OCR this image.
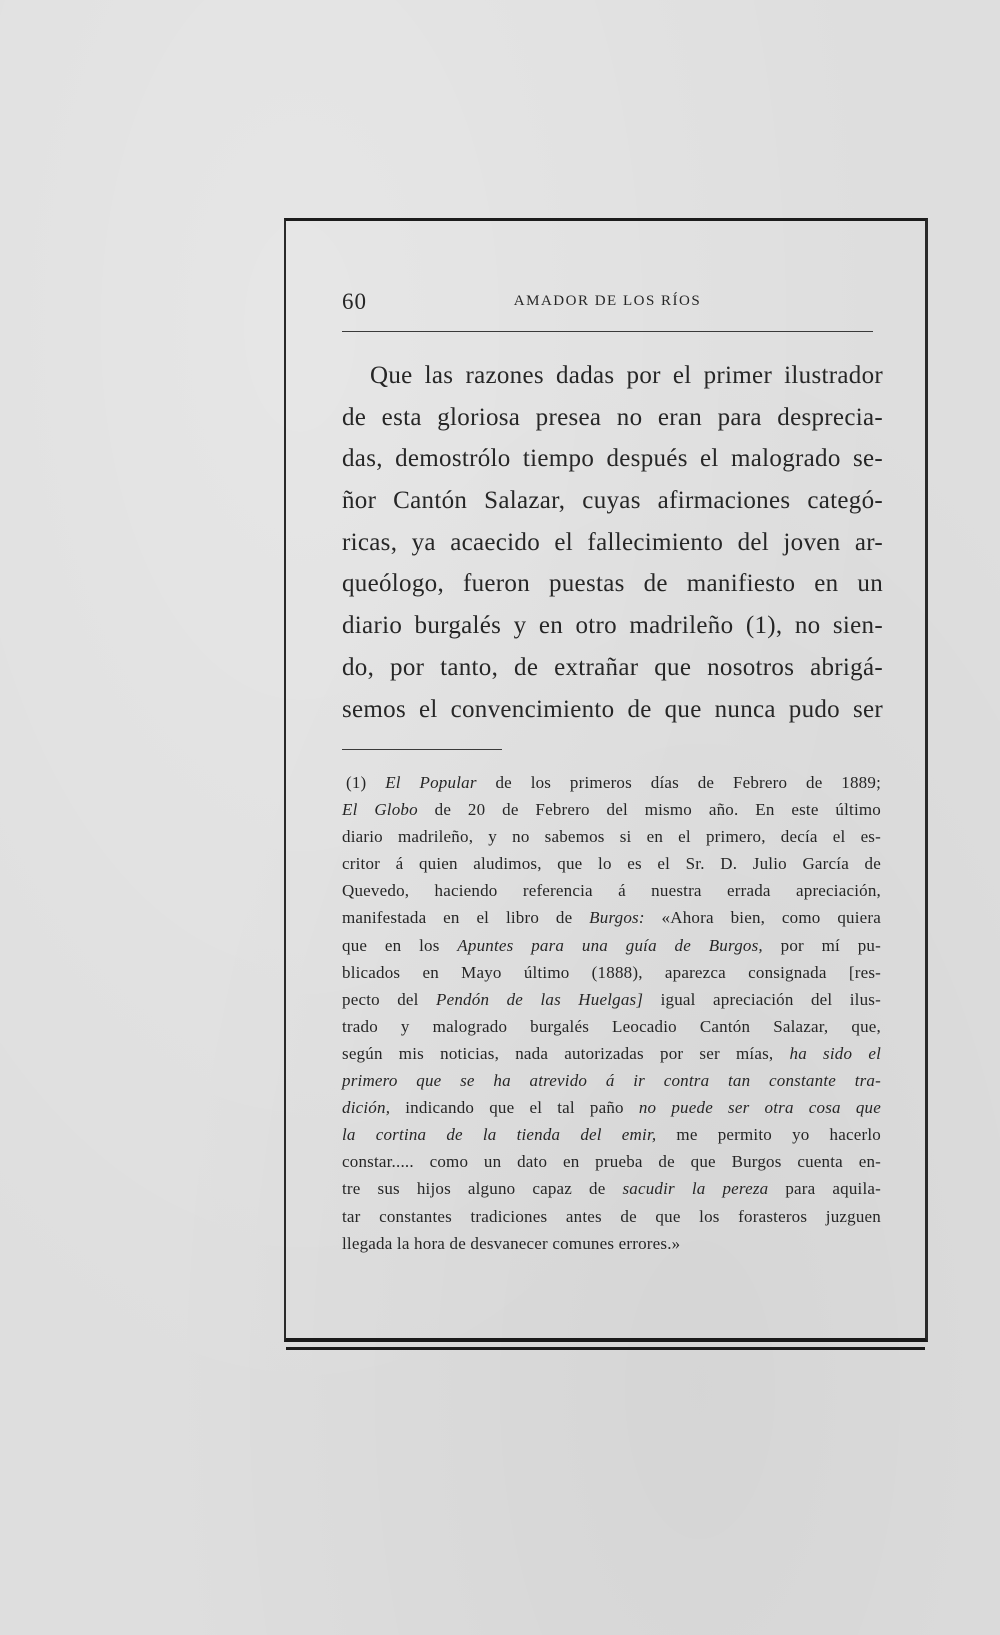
60	AMADOR DE LOS RÍOS
Que las razones dadas por el primer ilustrador
de esta gloriosa presea no eran para desprecia-
das, demostrólo tiempo después el malogrado se-
ñor Cantón Salazar, cuyas afirmaciones categó-
ricas, ya acaecido el fallecimiento del joven ar-
queólogo, fueron puestas de manifiesto en un
diario burgalés y en otro madrileño (1), no sien-
do, por tanto, de extrañar que nosotros abrigá-
semos el convencimiento de que nunca pudo ser
(1) El Popular de los primeros días de Febrero de 1889;
El Globo de 20 de Febrero del mismo año. En este último
diario madrileño, y no sabemos si en el primero, decía el es-
critor á quien aludimos, que lo es el Sr. D. Julio García de
Quevedo, haciendo referencia á nuestra errada apreciación,
manifestada en el libro de Burgos: «Ahora bien, como quiera
que en los Apuntes para una guía de Burgos, por mí pu-
blicados en Mayo último (1888), aparezca consignada [res-
pecto del Pendón de las Huelgas] igual apreciación del ilus-
trado y malogrado burgalés Leocadio Cantón Salazar, que,
según mis noticias, nada autorizadas por ser mías, ha sido el
primero que se ha atrevido á ir contra tan constante tra-
dición, indicando que el tal paño no puede ser otra cosa que
la cortina de la tienda del emir, me permito yo hacerlo
constar..... como un dato en prueba de que Burgos cuenta en-
tre sus hijos alguno capaz de sacudir la pereza para aquila-
tar constantes tradiciones antes de que los forasteros juzguen
llegada la hora de desvanecer comunes errores.»
